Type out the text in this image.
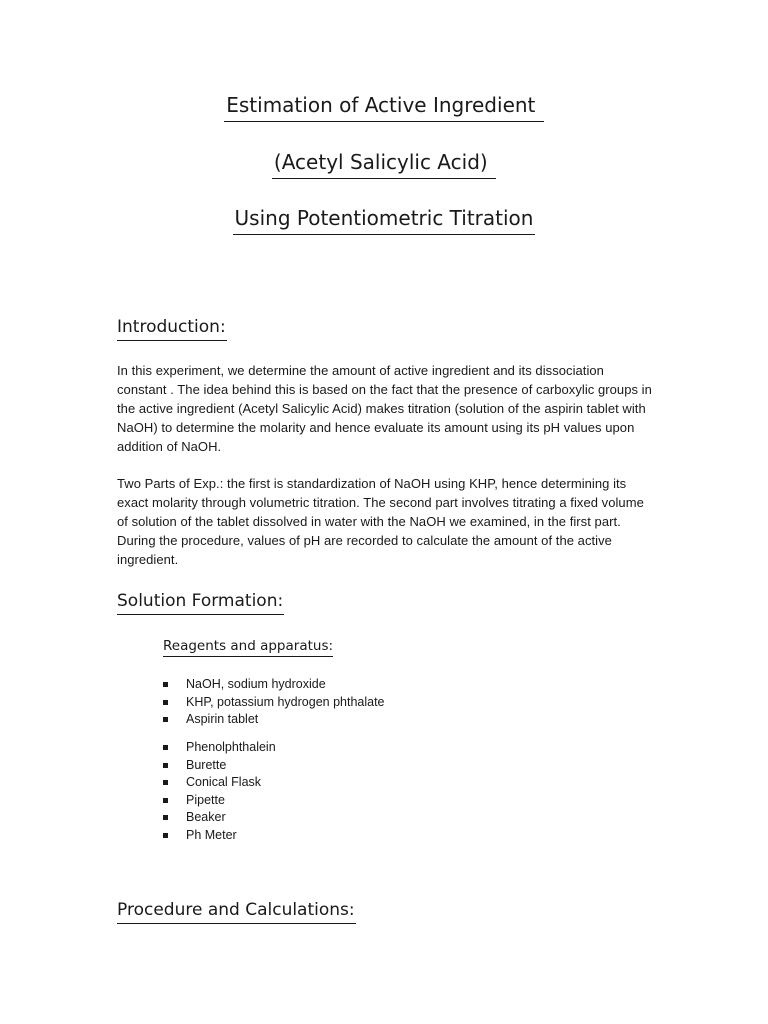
Estimation of Active Ingredient
(Acetyl Salicylic Acid)
Using Potentiometric Titration
Introduction:

In this experiment, we determine the amount of active ingredient and its dissociation constant . The idea behind this is based on the fact that the presence of carboxylic groups in the active ingredient (Acetyl Salicylic Acid) makes titration (solution of the aspirin tablet with NaOH) to determine the molarity and hence evaluate its amount using its pH values upon addition of NaOH.

Two Parts of Exp.: the first is standardization of NaOH using KHP, hence determining its exact molarity through volumetric titration. The second part involves titrating a fixed volume of solution of the tablet dissolved in water with the NaOH we examined, in the first part. During the procedure, values of pH are recorded to calculate the amount of the active ingredient.

Solution Formation:
Reagents and apparatus:
NaOH, sodium hydroxide
KHP, potassium hydrogen phthalate
Aspirin tablet
Phenolphthalein
Burette
Conical Flask
Pipette
Beaker
Ph Meter
Procedure and Calculations:
